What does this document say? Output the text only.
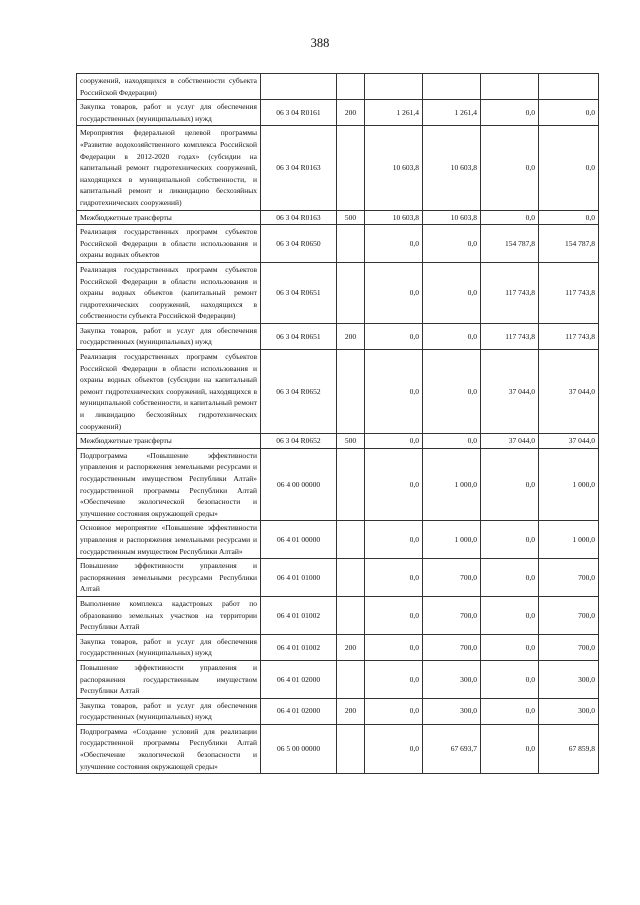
388
сооружений, находящихся в собственности субъекта Российской Федерации)						
Закупка товаров, работ и услуг для обеспечения государственных (муниципальных) нужд	06 3 04 R0161	200	1 261,4	1 261,4	0,0	0,0
Мероприятия федеральной целевой программы «Развитие водохозяйственного комплекса Российской Федерации в 2012-2020 годах» (субсидии на капитальный ремонт гидротехнических сооружений, находящихся в муниципальной собственности, и капитальный ремонт и ликвидацию бесхозяйных гидротехнических сооружений)	06 3 04 R0163		10 603,8	10 603,8	0,0	0,0
Межбюджетные трансферты	06 3 04 R0163	500	10 603,8	10 603,8	0,0	0,0
Реализация государственных программ субъектов Российской Федерации в области использования и охраны водных объектов	06 3 04 R0650		0,0	0,0	154 787,8	154 787,8
Реализация государственных программ субъектов Российской Федерации в области использования и охраны водных объектов (капитальный ремонт гидротехнических сооружений, находящихся в собственности субъекта Российской Федерации)	06 3 04 R0651		0,0	0,0	117 743,8	117 743,8
Закупка товаров, работ и услуг для обеспечения государственных (муниципальных) нужд	06 3 04 R0651	200	0,0	0,0	117 743,8	117 743,8
Реализация государственных программ субъектов Российской Федерации в области использования и охраны водных объектов (субсидии на капитальный ремонт гидротехнических сооружений, находящихся в муниципальной собственности, и капитальный ремонт и ликвидацию бесхозяйных гидротехнических сооружений)	06 3 04 R0652		0,0	0,0	37 044,0	37 044,0
Межбюджетные трансферты	06 3 04 R0652	500	0,0	0,0	37 044,0	37 044,0
Подпрограмма «Повышение эффективности управления и распоряжения земельными ресурсами и государственным имуществом Республики Алтай» государственной программы Республики Алтай «Обеспечение экологической безопасности и улучшение состояния окружающей среды»	06 4 00 00000		0,0	1 000,0	0,0	1 000,0
Основное мероприятие «Повышение эффективности управления и распоряжения земельными ресурсами и государственным имуществом Республики Алтай»	06 4 01 00000		0,0	1 000,0	0,0	1 000,0
Повышение эффективности управления и распоряжения земельными ресурсами Республики Алтай	06 4 01 01000		0,0	700,0	0,0	700,0
Выполнение комплекса кадастровых работ по образованию земельных участков на территории Республики Алтай	06 4 01 01002		0,0	700,0	0,0	700,0
Закупка товаров, работ и услуг для обеспечения государственных (муниципальных) нужд	06 4 01 01002	200	0,0	700,0	0,0	700,0
Повышение эффективности управления и распоряжения государственным имуществом Республики Алтай	06 4 01 02000		0,0	300,0	0,0	300,0
Закупка товаров, работ и услуг для обеспечения государственных (муниципальных) нужд	06 4 01 02000	200	0,0	300,0	0,0	300,0
Подпрограмма «Создание условий для реализации государственной программы Республики Алтай «Обеспечение экологической безопасности и улучшение состояния окружающей среды»	06 5 00 00000		0,0	67 693,7	0,0	67 859,8
